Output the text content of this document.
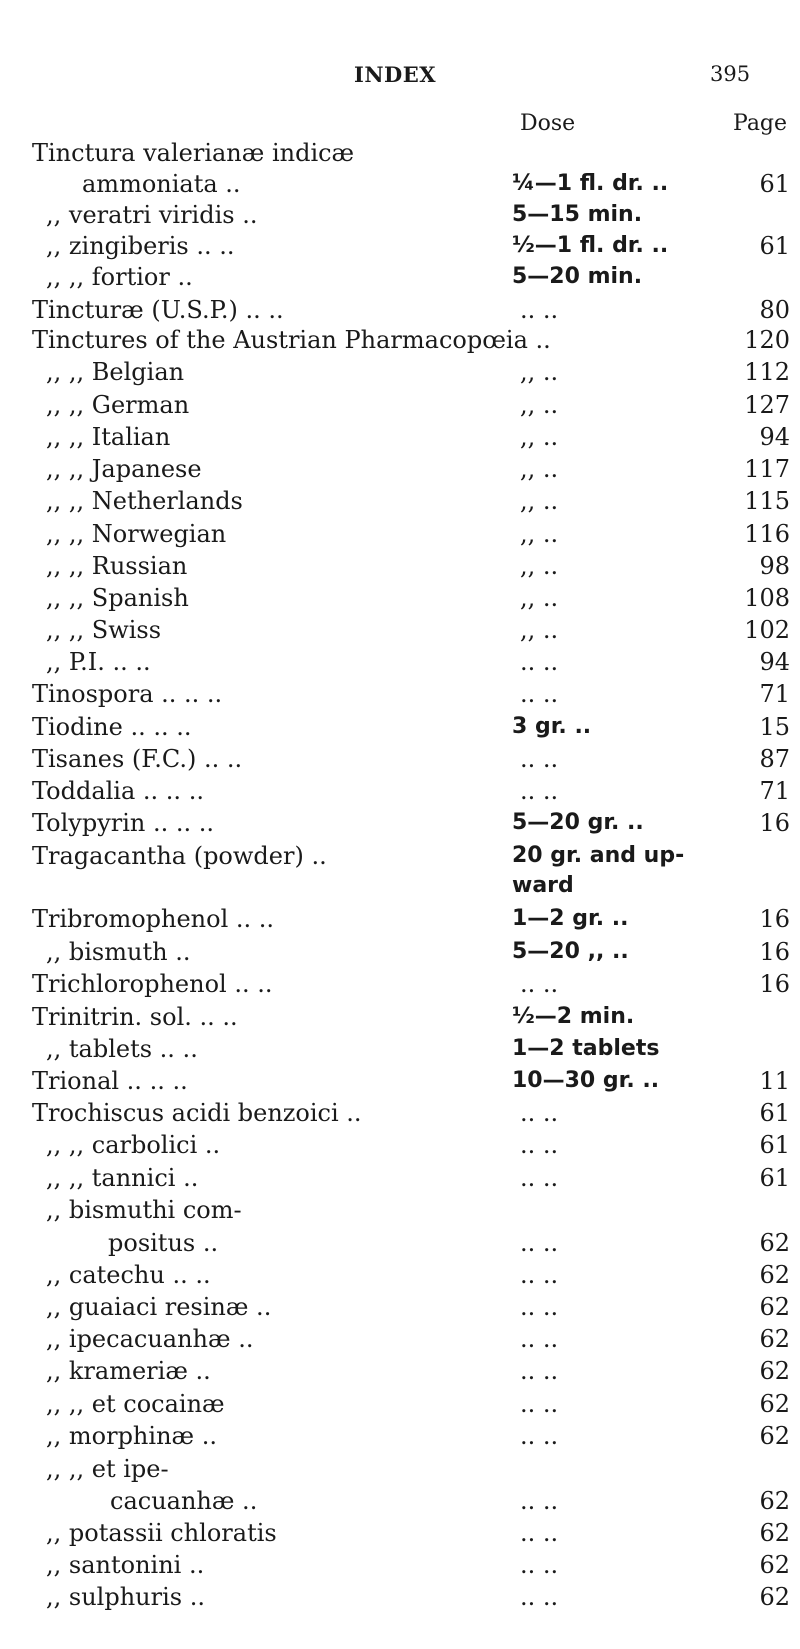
INDEX	395
Dose	Page
Tinctura valerianæ indicæ
ammoniata ..	¼—1 fl. dr. ..	61
,, veratri viridis ..	5—15 min.
,, zingiberis .. ..	½—1 fl. dr. ..	61
,, ,, fortior ..	5—20 min.
Tincturæ (U.S.P.) .. ..	.. ..	80
Tinctures of the Austrian Pharmacopœia ..	120
,, ,, Belgian	,, ..	112
,, ,, German	,, ..	127
,, ,, Italian	,, ..	94
,, ,, Japanese	,, ..	117
,, ,, Netherlands	,, ..	115
,, ,, Norwegian	,, ..	116
,, ,, Russian	,, ..	98
,, ,, Spanish	,, ..	108
,, ,, Swiss	,, ..	102
,, P.I. .. ..	.. ..	94
Tinospora .. .. ..	.. ..	71
Tiodine .. .. ..	3 gr. ..	15
Tisanes (F.C.) .. ..	.. ..	87
Toddalia .. .. ..	.. ..	71
Tolypyrin .. .. ..	5—20 gr. ..	16
Tragacantha (powder) ..	20 gr. and up-
ward
Tribromophenol .. ..	1—2 gr. ..	16
,, bismuth ..	5—20 ,, ..	16
Trichlorophenol .. ..	.. ..	16
Trinitrin. sol. .. ..	½—2 min.
,, tablets .. ..	1—2 tablets
Trional .. .. ..	10—30 gr. ..	11
Trochiscus acidi benzoici ..	.. ..	61
,, ,, carbolici ..	.. ..	61
,, ,, tannici ..	.. ..	61
,, bismuthi com-
positus ..	.. ..	62
,, catechu .. ..	.. ..	62
,, guaiaci resinæ ..	.. ..	62
,, ipecacuanhæ ..	.. ..	62
,, krameriæ ..	.. ..	62
,, ,, et cocainæ	.. ..	62
,, morphinæ ..	.. ..	62
,, ,, et ipe-
cacuanhæ ..	.. ..	62
,, potassii chloratis	.. ..	62
,, santonini ..	.. ..	62
,, sulphuris ..	.. ..	62
